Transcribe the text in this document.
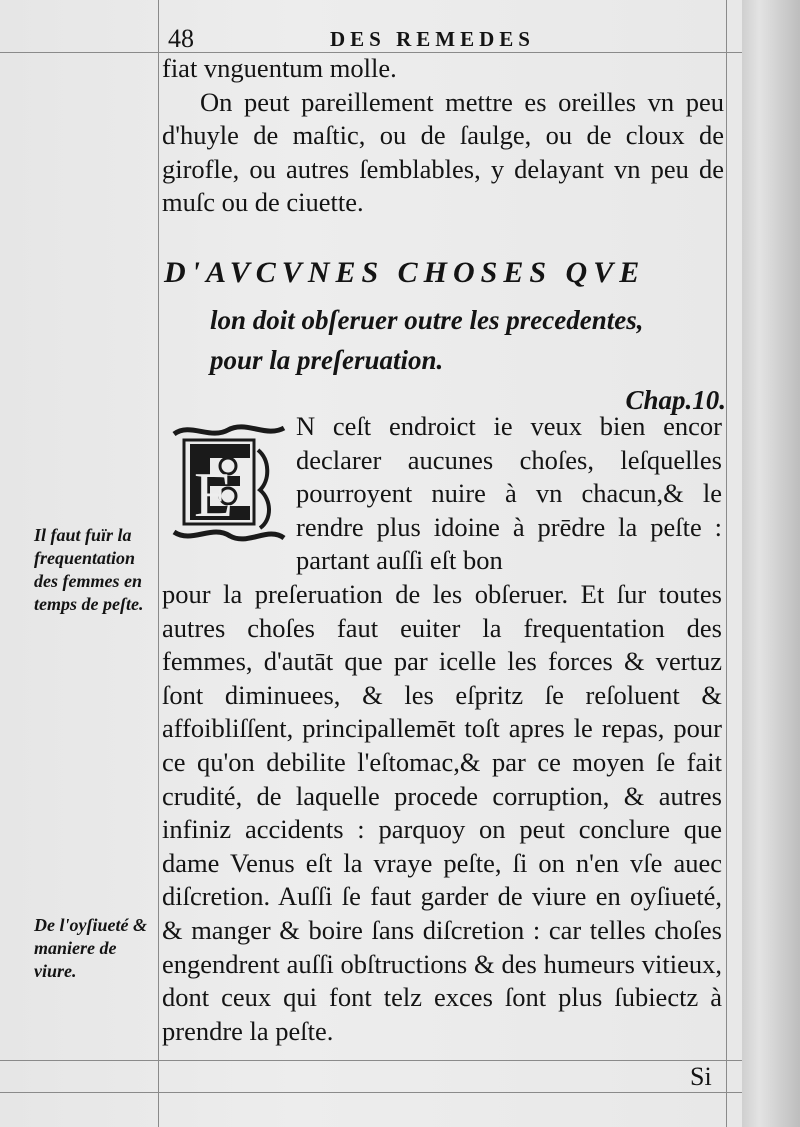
48	DES REMEDES

fiat vnguentum molle.

On peut pareillement mettre es oreilles vn peu d'huyle de maſtic, ou de ſaulge, ou de cloux de girofle, ou autres ſemblables, y delayant vn peu de muſc ou de ciuette.

D'AVCVNES CHOSES QVE
lon doit obſeruer outre les precedentes,
pour la preſeruation.
Chap.10.
E
N ceſt endroict ie veux bien encor declarer aucunes choſes, leſquelles pourroyent nuire à vn chacun,& le rendre plus idoine à prēdre la peſte : partant auſſi eſt bon
pour la preſeruation de les obſeruer. Et ſur toutes autres choſes faut euiter la frequentation des femmes, d'autāt que par icelle les forces & vertuz ſont diminuees, & les eſpritz ſe reſoluent & affoibliſſent, principallemēt toſt apres le repas, pour ce qu'on debilite l'eſtomac,& par ce moyen ſe fait crudité, de laquelle procede corruption, & autres infiniz accidents : parquoy on peut conclure que dame Venus eſt la vraye peſte, ſi on n'en vſe auec diſcretion. Auſſi ſe faut garder de viure en oyſiueté, & manger & boire ſans diſcretion : car telles choſes engendrent auſſi obſtructions & des humeurs vitieux, dont ceux qui font telz exces ſont plus ſubiectz à prendre la peſte.
Il faut fuïr la frequentation des femmes en temps de peſte.
De l'oyſiueté & maniere de viure.
Si
